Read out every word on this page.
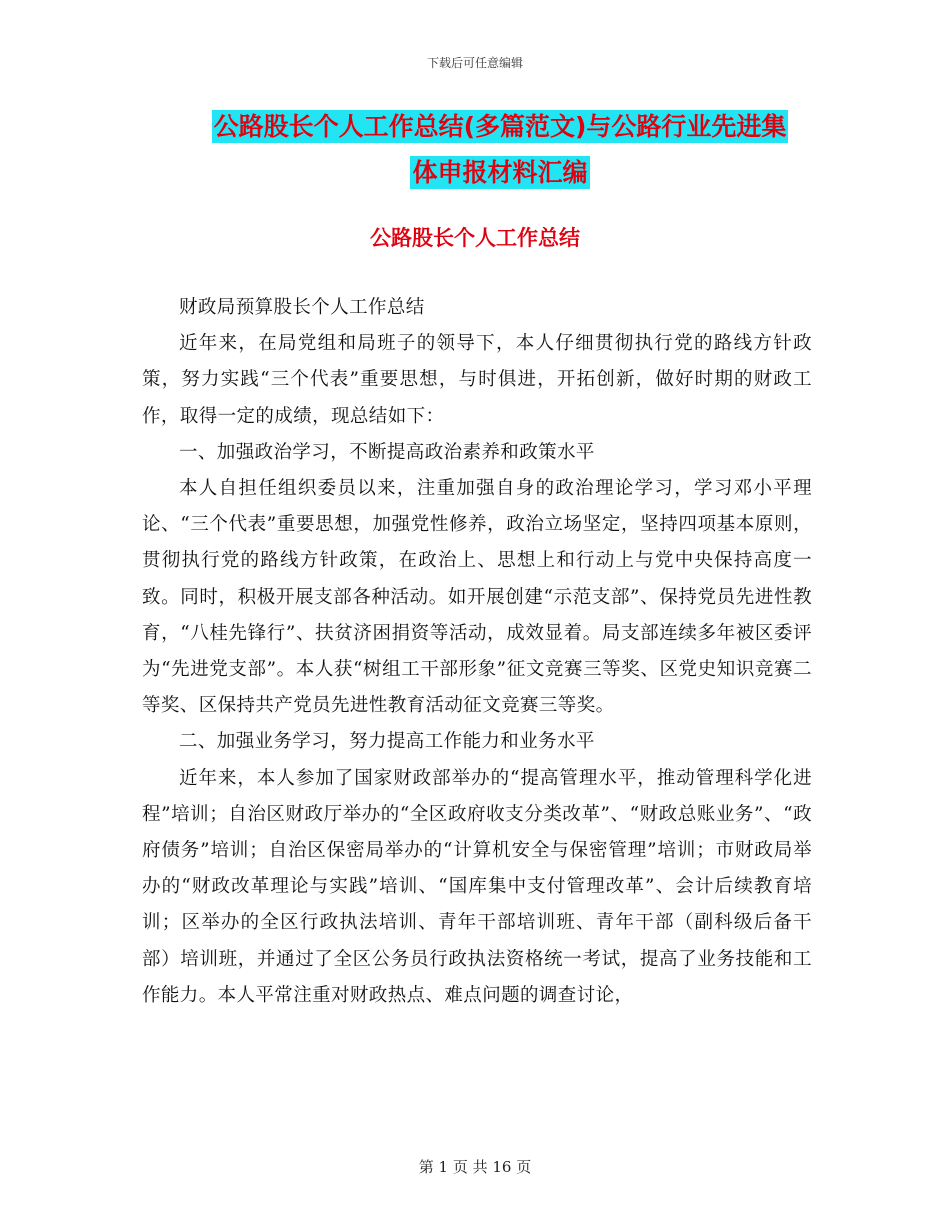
下载后可任意编辑
公路股长个人工作总结(多篇范文)与公路行业先进集
体申报材料汇编
公路股长个人工作总结

财政局预算股长个人工作总结

近年来，在局党组和局班子的领导下，本人仔细贯彻执行党的路线方针政策，努力实践“三个代表”重要思想，与时俱进，开拓创新，做好时期的财政工作，取得一定的成绩，现总结如下：

一、加强政治学习，不断提高政治素养和政策水平

本人自担任组织委员以来，注重加强自身的政治理论学习，学习邓小平理论、“三个代表”重要思想，加强党性修养，政治立场坚定，坚持四项基本原则，贯彻执行党的路线方针政策，在政治上、思想上和行动上与党中央保持高度一致。同时，积极开展支部各种活动。如开展创建“示范支部”、保持党员先进性教育，“八桂先锋行”、扶贫济困捐资等活动，成效显着。局支部连续多年被区委评为“先进党支部”。本人获“树组工干部形象”征文竞赛三等奖、区党史知识竞赛二等奖、区保持共产党员先进性教育活动征文竞赛三等奖。

二、加强业务学习，努力提高工作能力和业务水平

近年来，本人参加了国家财政部举办的“提高管理水平，推动管理科学化进程”培训；自治区财政厅举办的“全区政府收支分类改革”、“财政总账业务”、“政府债务”培训；自治区保密局举办的“计算机安全与保密管理”培训；市财政局举办的“财政改革理论与实践”培训、“国库集中支付管理改革”、会计后续教育培训；区举办的全区行政执法培训、青年干部培训班、青年干部（副科级后备干部）培训班，并通过了全区公务员行政执法资格统一考试，提高了业务技能和工作能力。本人平常注重对财政热点、难点问题的调查讨论，

第 1 页 共 16 页
